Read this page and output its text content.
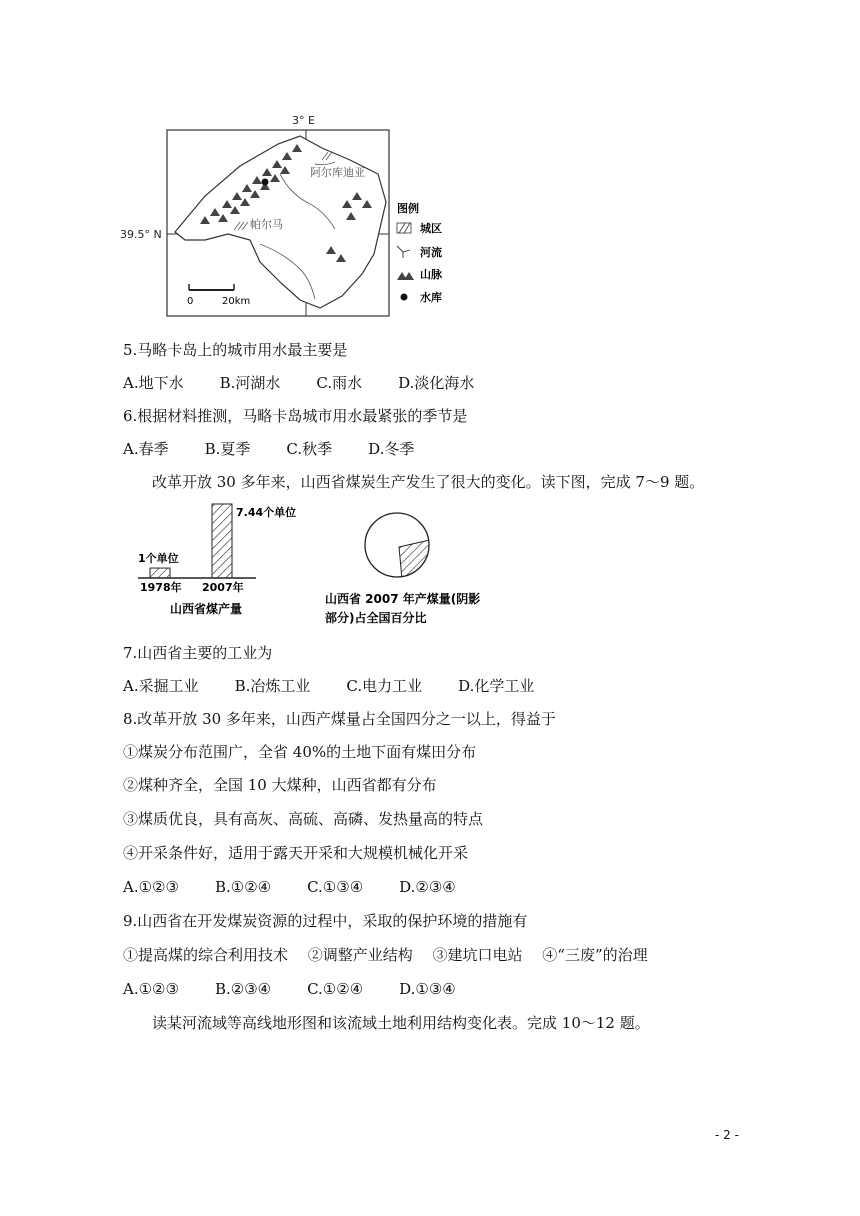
3° E
39.5° N
阿尔库迪亚
帕尔马
0	20km
图例
城区
河流
山脉
水库
5.马略卡岛上的城市用水最主要是
A.地下水 B.河湖水 C.雨水 D.淡化海水
6.根据材料推测，马略卡岛城市用水最紧张的季节是
A.春季 B.夏季 C.秋季 D.冬季
改革开放 30 多年来，山西省煤炭生产发生了很大的变化。读下图，完成 7～9 题。
1个单位
1978年
7.44个单位
2007年
山西省煤产量
山西省 2007 年产煤量(阴影
部分)占全国百分比
7.山西省主要的工业为
A.采掘工业 B.冶炼工业 C.电力工业 D.化学工业
8.改革开放 30 多年来，山西产煤量占全国四分之一以上，得益于
①煤炭分布范围广，全省 40%的土地下面有煤田分布
②煤种齐全，全国 10 大煤种，山西省都有分布
③煤质优良，具有高灰、高硫、高磷、发热量高的特点
④开采条件好，适用于露天开采和大规模机械化开采
A.①②③ B.①②④ C.①③④ D.②③④
9.山西省在开发煤炭资源的过程中，采取的保护环境的措施有
①提高煤的综合利用技术　 ②调整产业结构　 ③建坑口电站　 ④“三废”的治理
A.①②③ B.②③④ C.①②④ D.①③④
读某河流域等高线地形图和该流域土地利用结构变化表。完成 10～12 题。
- 2 -
